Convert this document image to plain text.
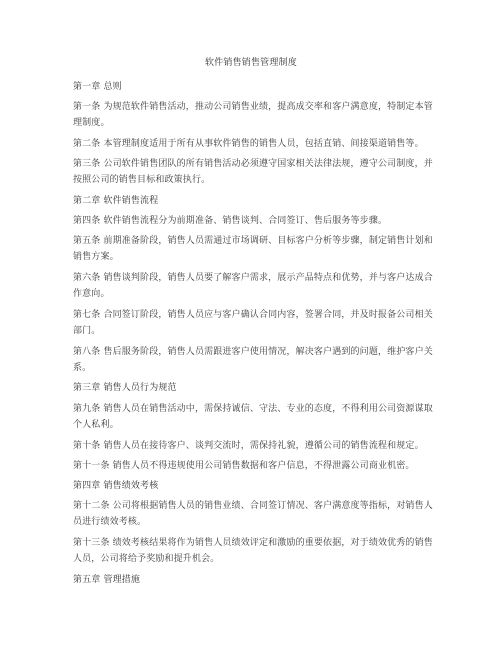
软件销售销售管理制度
第一章 总则
第一条 为规范软件销售活动，推动公司销售业绩，提高成交率和客户满意度，特制定本管理制度。
第二条 本管理制度适用于所有从事软件销售的销售人员，包括直销、间接渠道销售等。
第三条 公司软件销售团队的所有销售活动必须遵守国家相关法律法规，遵守公司制度，并按照公司的销售目标和政策执行。
第二章 软件销售流程
第四条 软件销售流程分为前期准备、销售谈判、合同签订、售后服务等步骤。
第五条 前期准备阶段，销售人员需通过市场调研、目标客户分析等步骤，制定销售计划和销售方案。
第六条 销售谈判阶段，销售人员要了解客户需求，展示产品特点和优势，并与客户达成合作意向。
第七条 合同签订阶段，销售人员应与客户确认合同内容，签署合同，并及时报备公司相关部门。
第八条 售后服务阶段，销售人员需跟进客户使用情况，解决客户遇到的问题，维护客户关系。
第三章 销售人员行为规范
第九条 销售人员在销售活动中，需保持诚信、守法、专业的态度，不得利用公司资源谋取个人私利。
第十条 销售人员在接待客户、谈判交流时，需保持礼貌，遵循公司的销售流程和规定。
第十一条 销售人员不得违规使用公司销售数据和客户信息，不得泄露公司商业机密。
第四章 销售绩效考核
第十二条 公司将根据销售人员的销售业绩、合同签订情况、客户满意度等指标，对销售人员进行绩效考核。
第十三条 绩效考核结果将作为销售人员绩效评定和激励的重要依据，对于绩效优秀的销售人员，公司将给予奖励和提升机会。
第五章 管理措施
